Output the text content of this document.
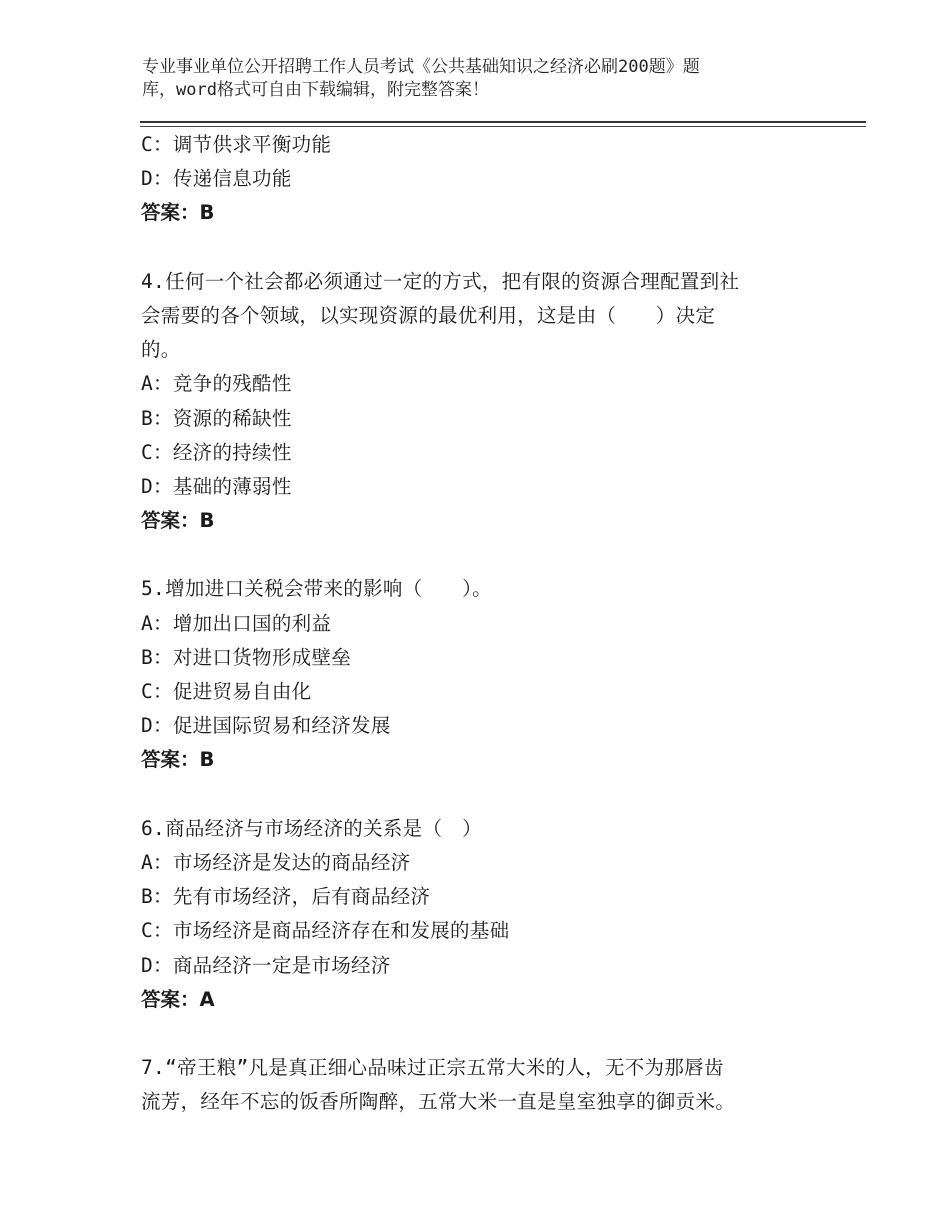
专业事业单位公开招聘工作人员考试《公共基础知识之经济必刷200题》题
库，word格式可自由下载编辑，附完整答案！
C：调节供求平衡功能
D：传递信息功能
答案：B
4.任何一个社会都必须通过一定的方式，把有限的资源合理配置到社
会需要的各个领域，以实现资源的最优利用，这是由（　　）决定
的。
A：竞争的残酷性
B：资源的稀缺性
C：经济的持续性
D：基础的薄弱性
答案：B
5.增加进口关税会带来的影响（　　）。
A：增加出口国的利益
B：对进口货物形成壁垒
C：促进贸易自由化
D：促进国际贸易和经济发展
答案：B
6.商品经济与市场经济的关系是（　）
A：市场经济是发达的商品经济
B：先有市场经济，后有商品经济
C：市场经济是商品经济存在和发展的基础
D：商品经济一定是市场经济
答案：A
7.“帝王粮”凡是真正细心品味过正宗五常大米的人，无不为那唇齿
流芳，经年不忘的饭香所陶醉，五常大米一直是皇室独享的御贡米。
